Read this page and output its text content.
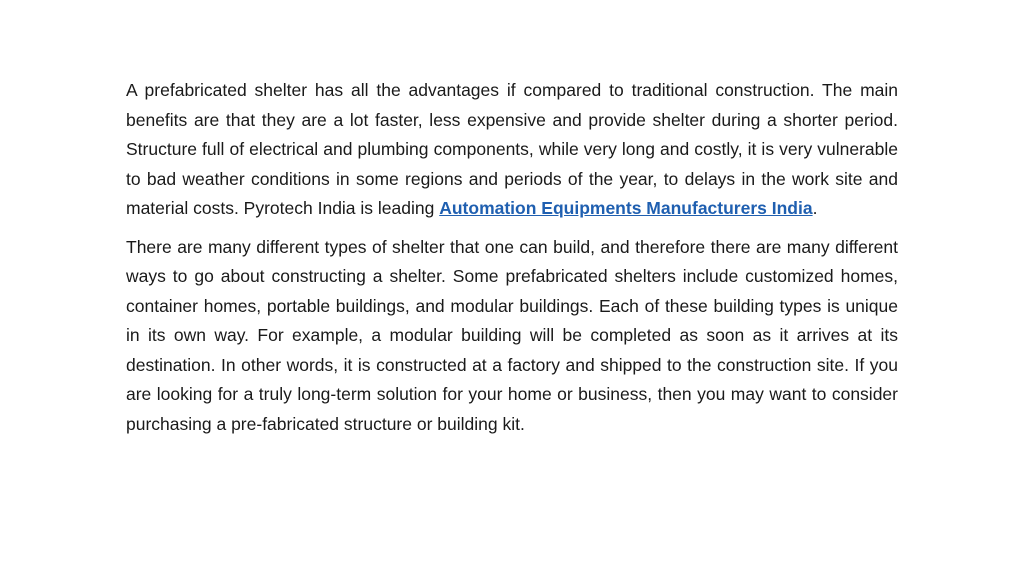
A prefabricated shelter has all the advantages if compared to traditional construction. The main benefits are that they are a lot faster, less expensive and provide shelter during a shorter period. Structure full of electrical and plumbing components, while very long and costly, it is very vulnerable to bad weather conditions in some regions and periods of the year, to delays in the work site and material costs. Pyrotech India is leading Automation Equipments Manufacturers India.

There are many different types of shelter that one can build, and therefore there are many different ways to go about constructing a shelter. Some prefabricated shelters include customized homes, container homes, portable buildings, and modular buildings. Each of these building types is unique in its own way. For example, a modular building will be completed as soon as it arrives at its destination. In other words, it is constructed at a factory and shipped to the construction site. If you are looking for a truly long-term solution for your home or business, then you may want to consider purchasing a pre-fabricated structure or building kit.
